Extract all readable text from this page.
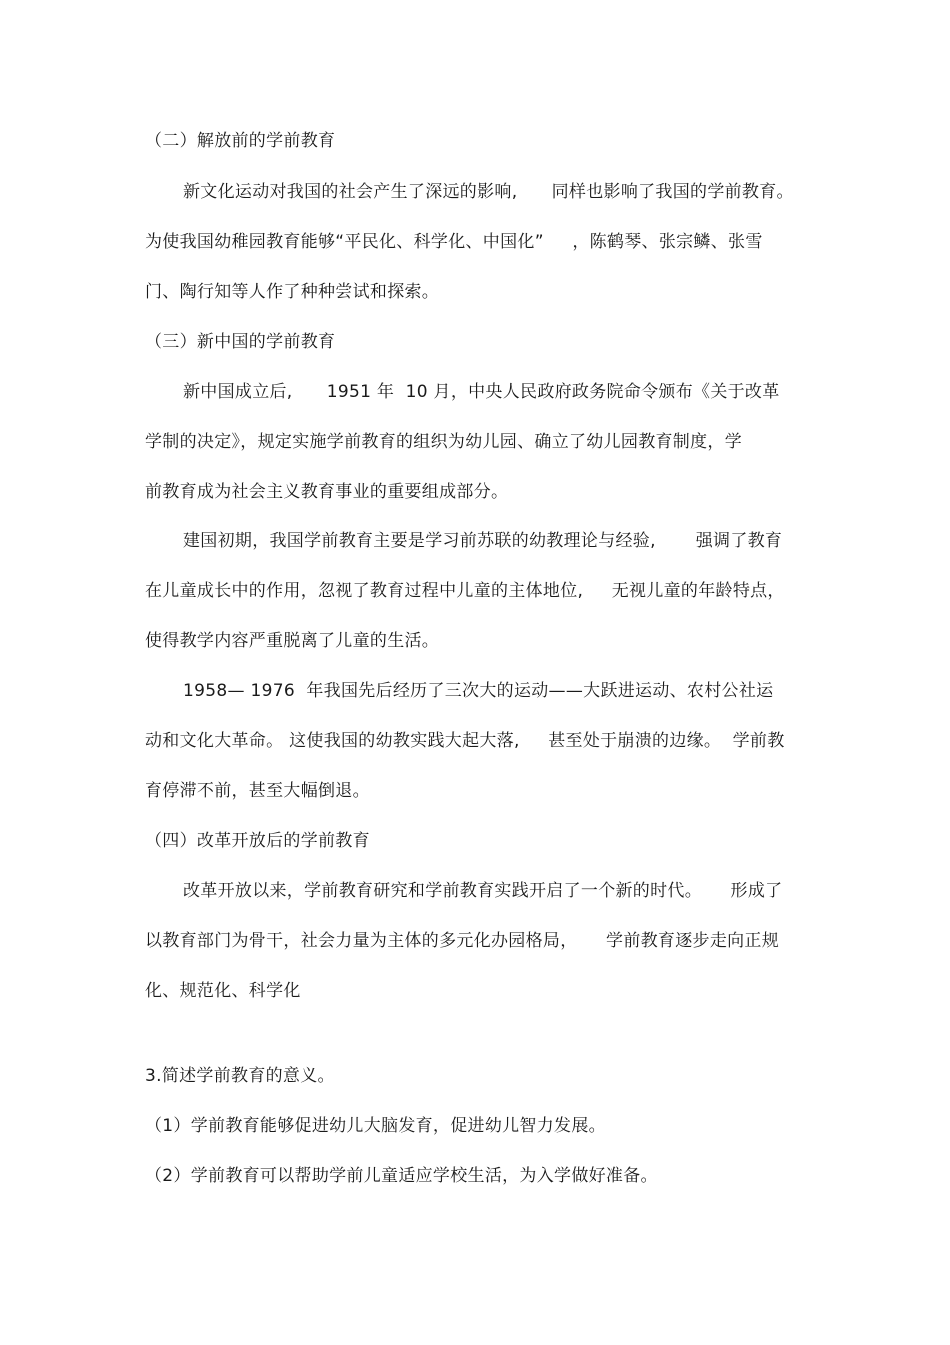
（二）解放前的学前教育
新文化运动对我国的社会产生了深远的影响,      同样也影响了我国的学前教育。
为使我国幼稚园教育能够“平民化、科学化、中国化”     ，陈鹤琴、张宗鳞、张雪
门、陶行知等人作了种种尝试和探索。
（三）新中国的学前教育
新中国成立后,      1951 年  10 月，中央人民政府政务院命令颁布《关于改革
学制的决定》，规定实施学前教育的组织为幼儿园、确立了幼儿园教育制度，学
前教育成为社会主义教育事业的重要组成部分。
建国初期，我国学前教育主要是学习前苏联的幼教理论与经验,       强调了教育
在儿童成长中的作用，忽视了教育过程中儿童的主体地位,     无视儿童的年龄特点，
使得教学内容严重脱离了儿童的生活。
1958— 1976  年我国先后经历了三次大的运动——大跃进运动、农村公社运
动和文化大革命。 这使我国的幼教实践大起大落,     甚至处于崩溃的边缘。  学前教
育停滞不前，甚至大幅倒退。
（四）改革开放后的学前教育
改革开放以来，学前教育研究和学前教育实践开启了一个新的时代。     形成了
以教育部门为骨干，社会力量为主体的多元化办园格局，     学前教育逐步走向正规
化、规范化、科学化
3.简述学前教育的意义。
（1）学前教育能够促进幼儿大脑发育，促进幼儿智力发展。
（2）学前教育可以帮助学前儿童适应学校生活，为入学做好准备。
